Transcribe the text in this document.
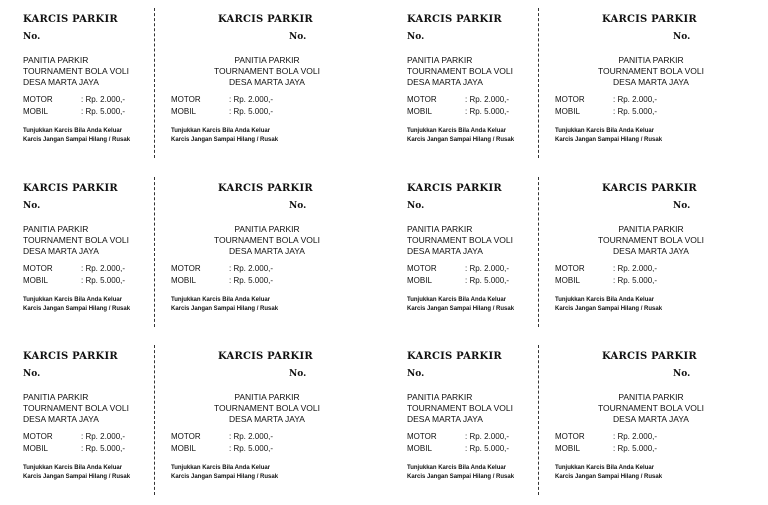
KARCIS PARKIR
No.
PANITIA PARKIR
TOURNAMENT BOLA VOLI
DESA MARTA JAYA
MOTOR	: Rp. 2.000,-
MOBIL	: Rp. 5.000,-
Tunjukkan Karcis Bila Anda Keluar
Karcis Jangan Sampai Hilang / Rusak
KARCIS PARKIR
No.
PANITIA PARKIR
TOURNAMENT BOLA VOLI
DESA MARTA JAYA
MOTOR	: Rp. 2.000,-
MOBIL	: Rp. 5.000,-
Tunjukkan Karcis Bila Anda Keluar
Karcis Jangan Sampai Hilang / Rusak
KARCIS PARKIR
No.
PANITIA PARKIR
TOURNAMENT BOLA VOLI
DESA MARTA JAYA
MOTOR	: Rp. 2.000,-
MOBIL	: Rp. 5.000,-
Tunjukkan Karcis Bila Anda Keluar
Karcis Jangan Sampai Hilang / Rusak
KARCIS PARKIR
No.
PANITIA PARKIR
TOURNAMENT BOLA VOLI
DESA MARTA JAYA
MOTOR	: Rp. 2.000,-
MOBIL	: Rp. 5.000,-
Tunjukkan Karcis Bila Anda Keluar
Karcis Jangan Sampai Hilang / Rusak
KARCIS PARKIR
No.
PANITIA PARKIR
TOURNAMENT BOLA VOLI
DESA MARTA JAYA
MOTOR	: Rp. 2.000,-
MOBIL	: Rp. 5.000,-
Tunjukkan Karcis Bila Anda Keluar
Karcis Jangan Sampai Hilang / Rusak
KARCIS PARKIR
No.
PANITIA PARKIR
TOURNAMENT BOLA VOLI
DESA MARTA JAYA
MOTOR	: Rp. 2.000,-
MOBIL	: Rp. 5.000,-
Tunjukkan Karcis Bila Anda Keluar
Karcis Jangan Sampai Hilang / Rusak
KARCIS PARKIR
No.
PANITIA PARKIR
TOURNAMENT BOLA VOLI
DESA MARTA JAYA
MOTOR	: Rp. 2.000,-
MOBIL	: Rp. 5.000,-
Tunjukkan Karcis Bila Anda Keluar
Karcis Jangan Sampai Hilang / Rusak
KARCIS PARKIR
No.
PANITIA PARKIR
TOURNAMENT BOLA VOLI
DESA MARTA JAYA
MOTOR	: Rp. 2.000,-
MOBIL	: Rp. 5.000,-
Tunjukkan Karcis Bila Anda Keluar
Karcis Jangan Sampai Hilang / Rusak
KARCIS PARKIR
No.
PANITIA PARKIR
TOURNAMENT BOLA VOLI
DESA MARTA JAYA
MOTOR	: Rp. 2.000,-
MOBIL	: Rp. 5.000,-
Tunjukkan Karcis Bila Anda Keluar
Karcis Jangan Sampai Hilang / Rusak
KARCIS PARKIR
No.
PANITIA PARKIR
TOURNAMENT BOLA VOLI
DESA MARTA JAYA
MOTOR	: Rp. 2.000,-
MOBIL	: Rp. 5.000,-
Tunjukkan Karcis Bila Anda Keluar
Karcis Jangan Sampai Hilang / Rusak
KARCIS PARKIR
No.
PANITIA PARKIR
TOURNAMENT BOLA VOLI
DESA MARTA JAYA
MOTOR	: Rp. 2.000,-
MOBIL	: Rp. 5.000,-
Tunjukkan Karcis Bila Anda Keluar
Karcis Jangan Sampai Hilang / Rusak
KARCIS PARKIR
No.
PANITIA PARKIR
TOURNAMENT BOLA VOLI
DESA MARTA JAYA
MOTOR	: Rp. 2.000,-
MOBIL	: Rp. 5.000,-
Tunjukkan Karcis Bila Anda Keluar
Karcis Jangan Sampai Hilang / Rusak
